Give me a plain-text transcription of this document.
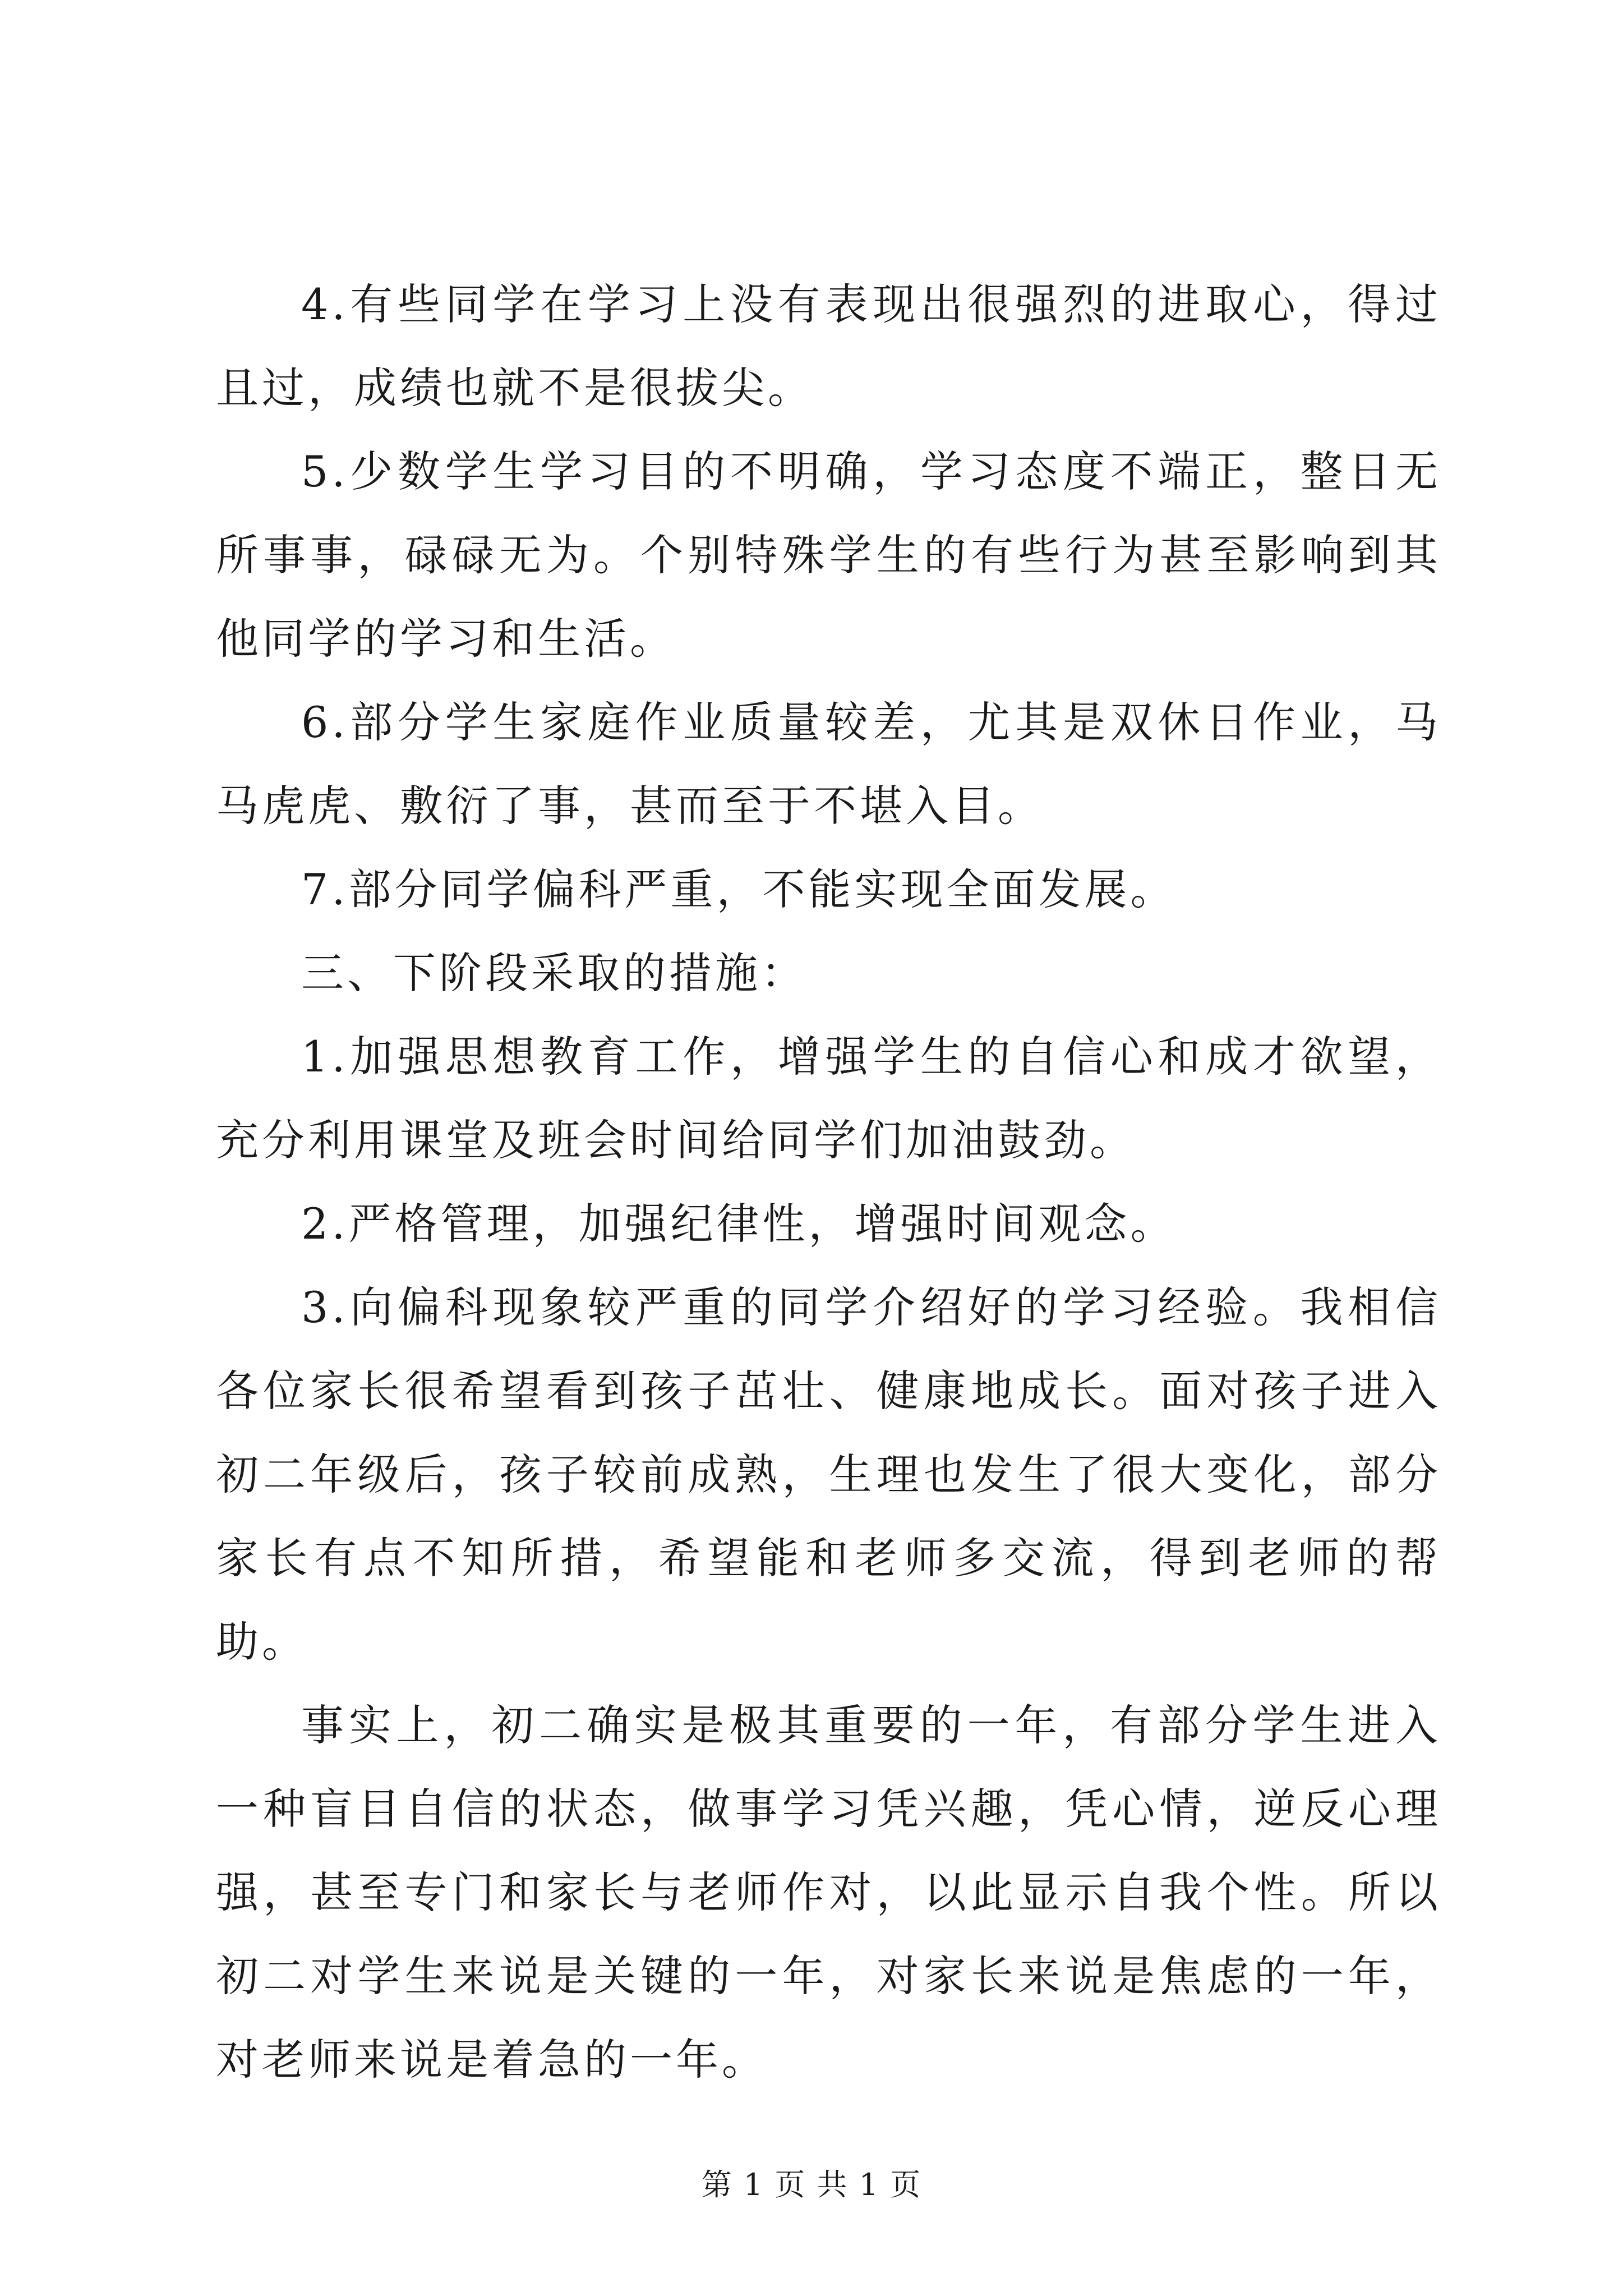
4.有些同学在学习上没有表现出很强烈的进取心，得过且过，成绩也就不是很拔尖。

5.少数学生学习目的不明确，学习态度不端正，整日无所事事，碌碌无为。个别特殊学生的有些行为甚至影响到其他同学的学习和生活。

6.部分学生家庭作业质量较差，尤其是双休日作业，马马虎虎、敷衍了事，甚而至于不堪入目。

7.部分同学偏科严重，不能实现全面发展。

三、下阶段采取的措施：

1.加强思想教育工作，增强学生的自信心和成才欲望，充分利用课堂及班会时间给同学们加油鼓劲。

2.严格管理，加强纪律性，增强时间观念。

3.向偏科现象较严重的同学介绍好的学习经验。我相信各位家长很希望看到孩子茁壮、健康地成长。面对孩子进入初二年级后，孩子较前成熟，生理也发生了很大变化，部分家长有点不知所措，希望能和老师多交流，得到老师的帮助。

事实上，初二确实是极其重要的一年，有部分学生进入一种盲目自信的状态，做事学习凭兴趣，凭心情，逆反心理强，甚至专门和家长与老师作对，以此显示自我个性。所以初二对学生来说是关键的一年，对家长来说是焦虑的一年，对老师来说是着急的一年。

第 1 页 共 1 页
